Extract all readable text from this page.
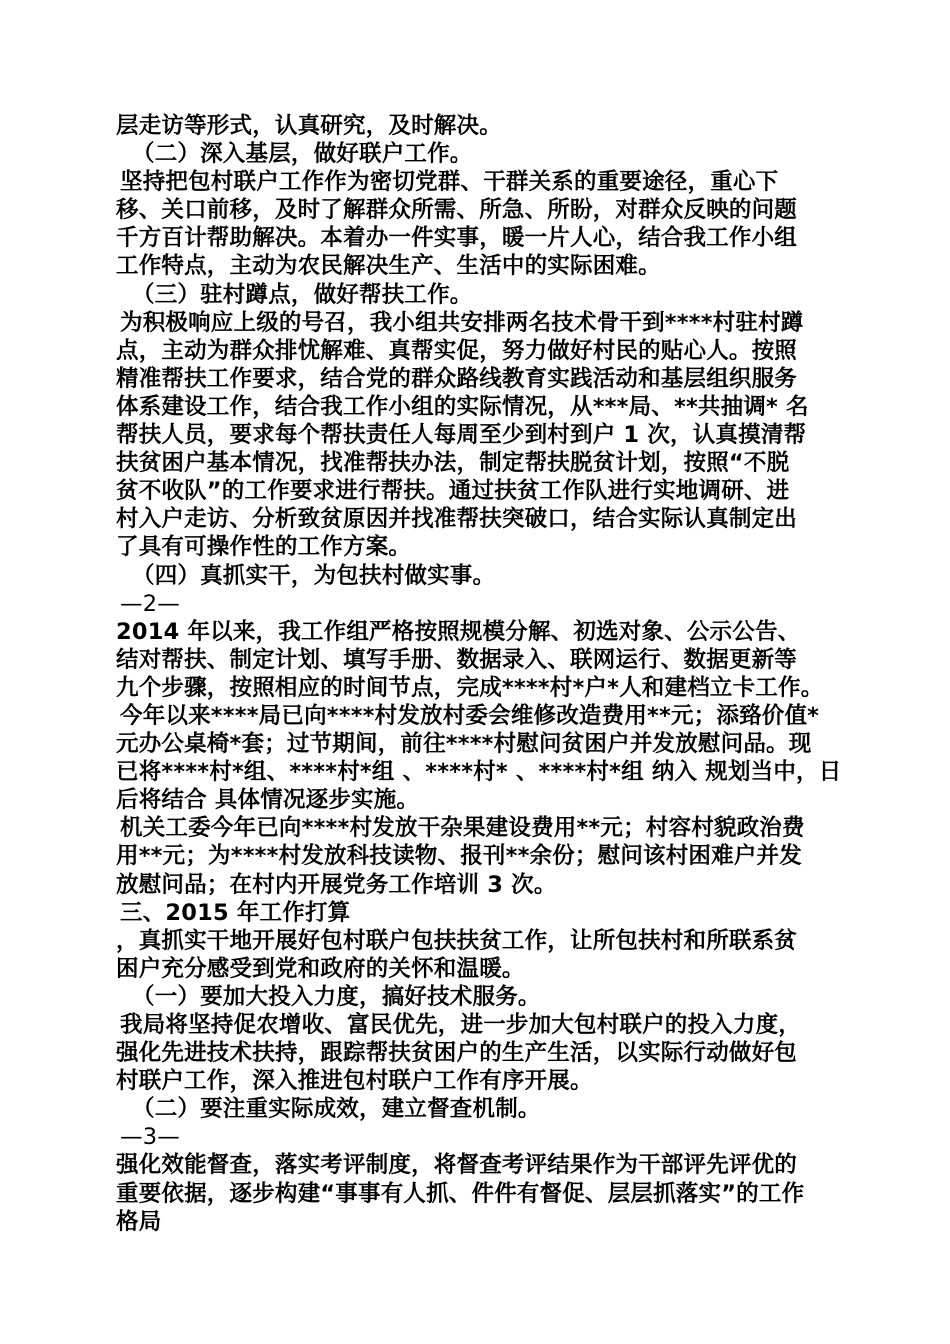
层走访等形式，认真研究，及时解决。
（二）深入基层，做好联户工作。
坚持把包村联户工作作为密切党群、干群关系的重要途径，重心下
移、关口前移，及时了解群众所需、所急、所盼，对群众反映的问题
千方百计帮助解决。本着办一件实事，暖一片人心，结合我工作小组
工作特点，主动为农民解决生产、生活中的实际困难。
（三）驻村蹲点，做好帮扶工作。
为积极响应上级的号召，我小组共安排两名技术骨干到****村驻村蹲
点，主动为群众排忧解难、真帮实促，努力做好村民的贴心人。按照
精准帮扶工作要求，结合党的群众路线教育实践活动和基层组织服务
体系建设工作，结合我工作小组的实际情况，从***局、**共抽调* 名
帮扶人员，要求每个帮扶责任人每周至少到村到户 1 次，认真摸清帮
扶贫困户基本情况，找准帮扶办法，制定帮扶脱贫计划，按照“不脱
贫不收队”的工作要求进行帮扶。通过扶贫工作队进行实地调研、进
村入户走访、分析致贫原因并找准帮扶突破口，结合实际认真制定出
了具有可操作性的工作方案。
（四）真抓实干，为包扶村做实事。
—2—
2014 年以来，我工作组严格按照规模分解、初选对象、公示公告、
结对帮扶、制定计划、填写手册、数据录入、联网运行、数据更新等
九个步骤，按照相应的时间节点，完成****村*户*人和建档立卡工作。
今年以来****局已向****村发放村委会维修改造费用**元；添臵价值*
元办公桌椅*套；过节期间，前往****村慰问贫困户并发放慰问品。现
已将****村*组、****村*组 、****村* 、****村*组 纳入 规划当中，日
后将结合 具体情况逐步实施。
机关工委今年已向****村发放干杂果建设费用**元；村容村貌政治费
用**元；为****村发放科技读物、报刊**余份；慰问该村困难户并发
放慰问品；在村内开展党务工作培训 3 次。
三、2015 年工作打算
，真抓实干地开展好包村联户包扶扶贫工作，让所包扶村和所联系贫
困户充分感受到党和政府的关怀和温暖。
（一）要加大投入力度，搞好技术服务。
我局将坚持促农增收、富民优先，进一步加大包村联户的投入力度，
强化先进技术扶持，跟踪帮扶贫困户的生产生活，以实际行动做好包
村联户工作，深入推进包村联户工作有序开展。
（二）要注重实际成效，建立督查机制。
—3—
强化效能督查，落实考评制度，将督查考评结果作为干部评先评优的
重要依据，逐步构建“事事有人抓、件件有督促、层层抓落实”的工作
格局
